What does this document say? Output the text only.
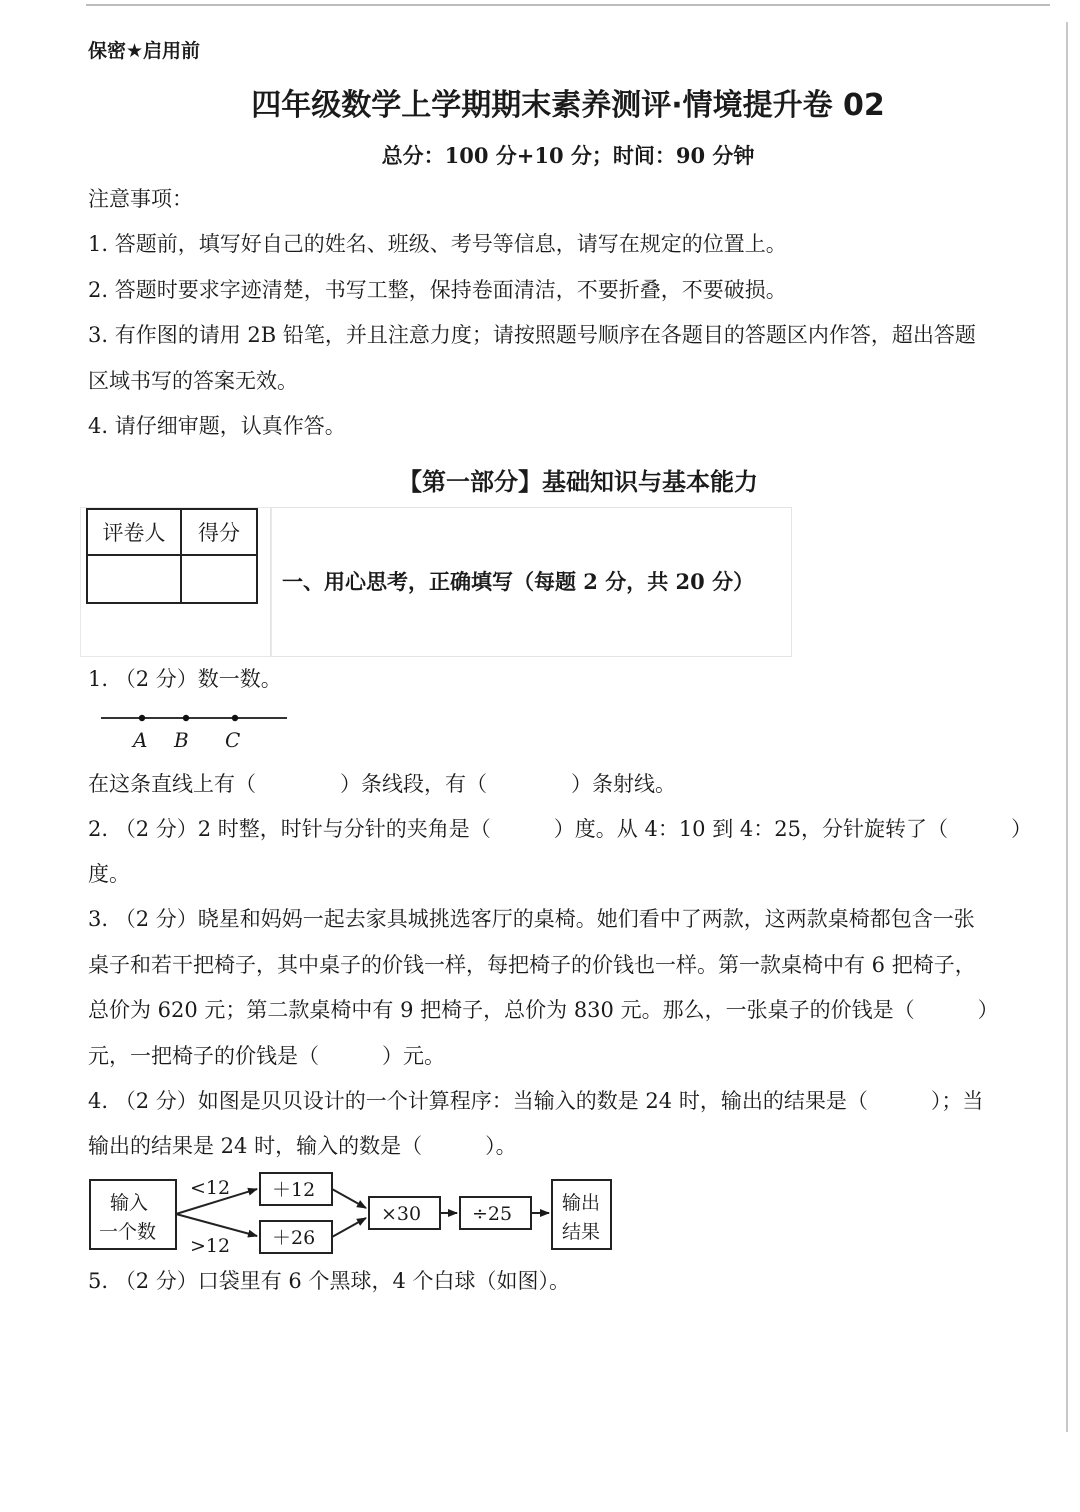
保密★启用前
四年级数学上学期期末素养测评·情境提升卷 02
总分：100 分+10 分；时间：90 分钟
注意事项：
1. 答题前，填写好自己的姓名、班级、考号等信息，请写在规定的位置上。
2. 答题时要求字迹清楚，书写工整，保持卷面清洁，不要折叠，不要破损。
3. 有作图的请用 2B 铅笔，并且注意力度；请按照题号顺序在各题目的答题区内作答，超出答题
区域书写的答案无效。
4. 请仔细审题，认真作答。
【第一部分】基础知识与基本能力
评卷人	得分

一、用心思考，正确填写（每题 2 分，共 20 分）
1. （2 分）数一数。
A B C
在这条直线上有（　　　　）条线段，有（　　　　）条射线。
2. （2 分）2 时整，时针与分针的夹角是（　　　）度。从 4：10 到 4：25，分针旋转了（　　　）
度。
3. （2 分）晓星和妈妈一起去家具城挑选客厅的桌椅。她们看中了两款，这两款桌椅都包含一张
桌子和若干把椅子，其中桌子的价钱一样，每把椅子的价钱也一样。第一款桌椅中有 6 把椅子，
总价为 620 元；第二款桌椅中有 9 把椅子，总价为 830 元。那么，一张桌子的价钱是（　　　）
元，一把椅子的价钱是（　　　）元。
4. （2 分）如图是贝贝设计的一个计算程序：当输入的数是 24 时，输出的结果是（　　　）；当
输出的结果是 24 时，输入的数是（　　　）。
输入
一个数
<12
>12
＋12
＋26
×30	÷25	输出
结果
5. （2 分）口袋里有 6 个黑球，4 个白球（如图）。
